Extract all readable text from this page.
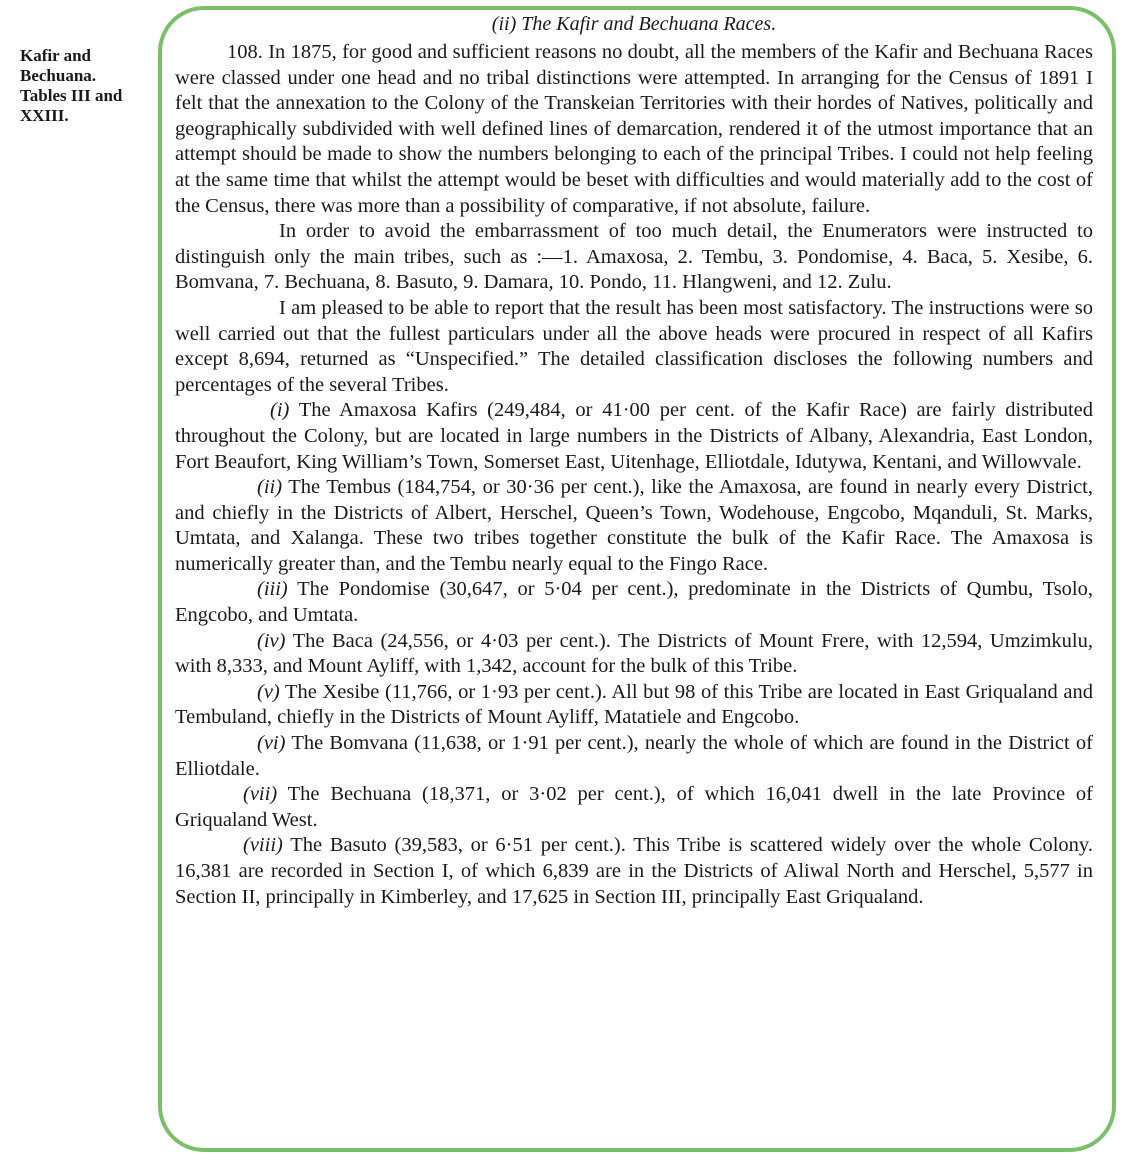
Kafir and
Bechuana.
Tables III and
XXIII.
(ii) The Kafir and Bechuana Races.

108. In 1875, for good and sufficient reasons no doubt, all the members of the Kafir and Bechuana Races were classed under one head and no tribal distinctions were attempted. In arranging for the Census of 1891 I felt that the annexation to the Colony of the Transkeian Territories with their hordes of Natives, politically and geographically subdivided with well defined lines of demarcation, rendered it of the utmost importance that an attempt should be made to show the numbers belonging to each of the principal Tribes. I could not help feeling at the same time that whilst the attempt would be beset with difficulties and would materially add to the cost of the Census, there was more than a possibility of comparative, if not absolute, failure.

In order to avoid the embarrassment of too much detail, the Enumerators were instructed to distinguish only the main tribes, such as :—1. Amaxosa, 2. Tembu, 3. Pondomise, 4. Baca, 5. Xesibe, 6. Bomvana, 7. Bechuana, 8. Basuto, 9. Damara, 10. Pondo, 11. Hlangweni, and 12. Zulu.

I am pleased to be able to report that the result has been most satisfactory. The instructions were so well carried out that the fullest particulars under all the above heads were procured in respect of all Kafirs except 8,694, returned as “Unspecified.” The detailed classification discloses the following numbers and percentages of the several Tribes.

(i) The Amaxosa Kafirs (249,484, or 41·00 per cent. of the Kafir Race) are fairly distributed throughout the Colony, but are located in large numbers in the Districts of Albany, Alexandria, East London, Fort Beaufort, King William’s Town, Somerset East, Uitenhage, Elliotdale, Idutywa, Kentani, and Willowvale.

(ii) The Tembus (184,754, or 30·36 per cent.), like the Amaxosa, are found in nearly every District, and chiefly in the Districts of Albert, Herschel, Queen’s Town, Wodehouse, Engcobo, Mqanduli, St. Marks, Umtata, and Xalanga. These two tribes together constitute the bulk of the Kafir Race. The Amaxosa is numerically greater than, and the Tembu nearly equal to the Fingo Race.

(iii) The Pondomise (30,647, or 5·04 per cent.), predominate in the Districts of Qumbu, Tsolo, Engcobo, and Umtata.

(iv) The Baca (24,556, or 4·03 per cent.). The Districts of Mount Frere, with 12,594, Umzimkulu, with 8,333, and Mount Ayliff, with 1,342, account for the bulk of this Tribe.

(v) The Xesibe (11,766, or 1·93 per cent.). All but 98 of this Tribe are located in East Griqualand and Tembuland, chiefly in the Districts of Mount Ayliff, Matatiele and Engcobo.

(vi) The Bomvana (11,638, or 1·91 per cent.), nearly the whole of which are found in the District of Elliotdale.

(vii) The Bechuana (18,371, or 3·02 per cent.), of which 16,041 dwell in the late Province of Griqualand West.

(viii) The Basuto (39,583, or 6·51 per cent.). This Tribe is scattered widely over the whole Colony. 16,381 are recorded in Section I, of which 6,839 are in the Districts of Aliwal North and Herschel, 5,577 in Section II, principally in Kimberley, and 17,625 in Section III, principally East Griqualand.
